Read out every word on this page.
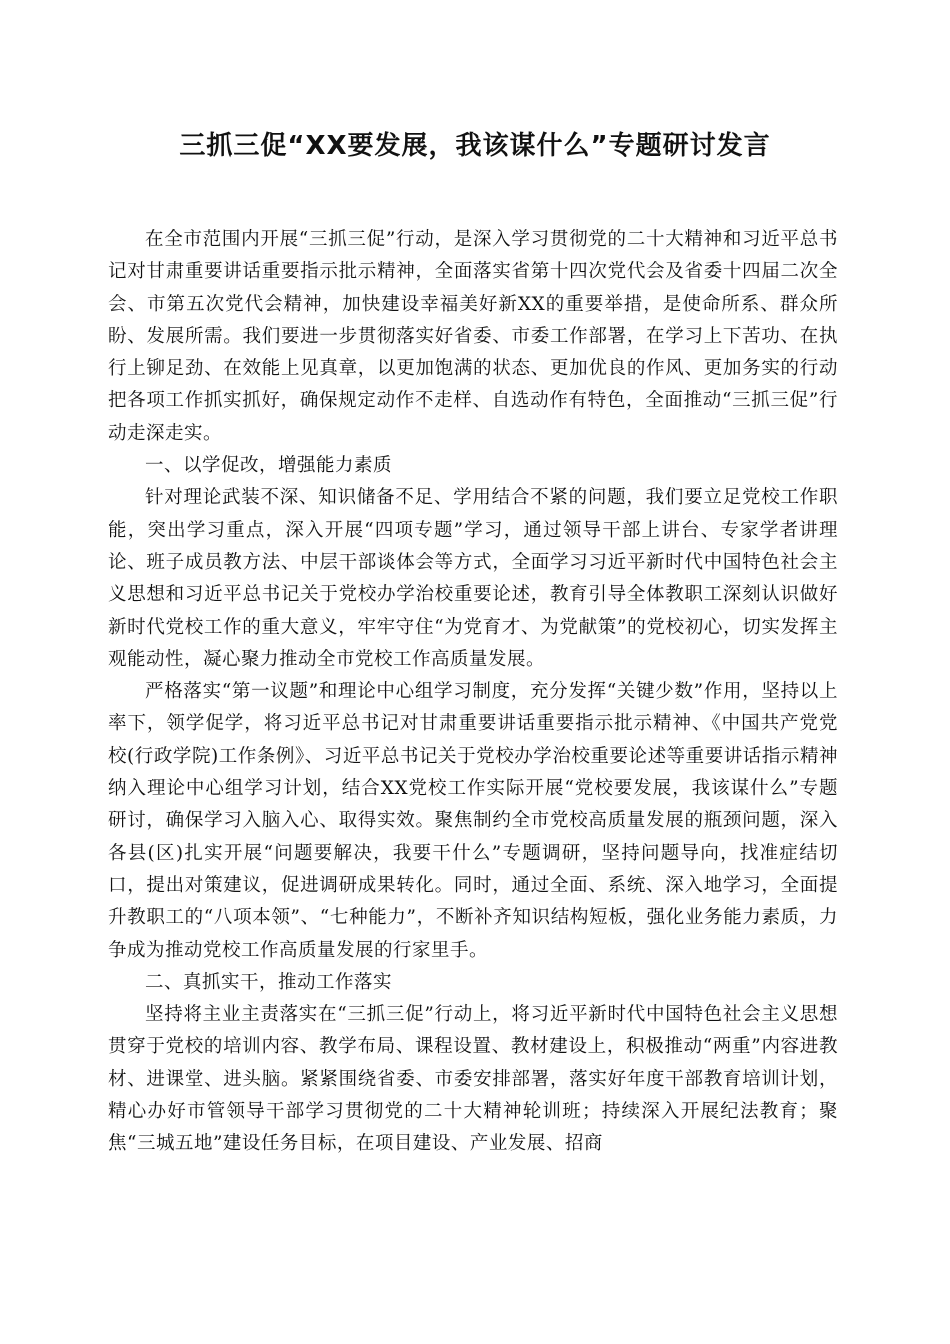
三抓三促“XX要发展，我该谋什么”专题研讨发言

在全市范围内开展“三抓三促”行动，是深入学习贯彻党的二十大精神和习近平总书记对甘肃重要讲话重要指示批示精神，全面落实省第十四次党代会及省委十四届二次全会、市第五次党代会精神，加快建设幸福美好新XX的重要举措，是使命所系、群众所盼、发展所需。我们要进一步贯彻落实好省委、市委工作部署，在学习上下苦功、在执行上铆足劲、在效能上见真章，以更加饱满的状态、更加优良的作风、更加务实的行动把各项工作抓实抓好，确保规定动作不走样、自选动作有特色，全面推动“三抓三促”行动走深走实。

一、以学促改，增强能力素质

针对理论武装不深、知识储备不足、学用结合不紧的问题，我们要立足党校工作职能，突出学习重点，深入开展“四项专题”学习，通过领导干部上讲台、专家学者讲理论、班子成员教方法、中层干部谈体会等方式，全面学习习近平新时代中国特色社会主义思想和习近平总书记关于党校办学治校重要论述，教育引导全体教职工深刻认识做好新时代党校工作的重大意义，牢牢守住“为党育才、为党献策”的党校初心，切实发挥主观能动性，凝心聚力推动全市党校工作高质量发展。

严格落实“第一议题”和理论中心组学习制度，充分发挥“关键少数”作用，坚持以上率下，领学促学，将习近平总书记对甘肃重要讲话重要指示批示精神、《中国共产党党校(行政学院)工作条例》、习近平总书记关于党校办学治校重要论述等重要讲话指示精神纳入理论中心组学习计划，结合XX党校工作实际开展“党校要发展，我该谋什么”专题研讨，确保学习入脑入心、取得实效。聚焦制约全市党校高质量发展的瓶颈问题，深入各县(区)扎实开展“问题要解决，我要干什么”专题调研，坚持问题导向，找准症结切口，提出对策建议，促进调研成果转化。同时，通过全面、系统、深入地学习，全面提升教职工的“八项本领”、“七种能力”，不断补齐知识结构短板，强化业务能力素质，力争成为推动党校工作高质量发展的行家里手。

二、真抓实干，推动工作落实

坚持将主业主责落实在“三抓三促”行动上，将习近平新时代中国特色社会主义思想贯穿于党校的培训内容、教学布局、课程设置、教材建设上，积极推动“两重”内容进教材、进课堂、进头脑。紧紧围绕省委、市委安排部署，落实好年度干部教育培训计划，精心办好市管领导干部学习贯彻党的二十大精神轮训班；持续深入开展纪法教育；聚焦“三城五地”建设任务目标，在项目建设、产业发展、招商
